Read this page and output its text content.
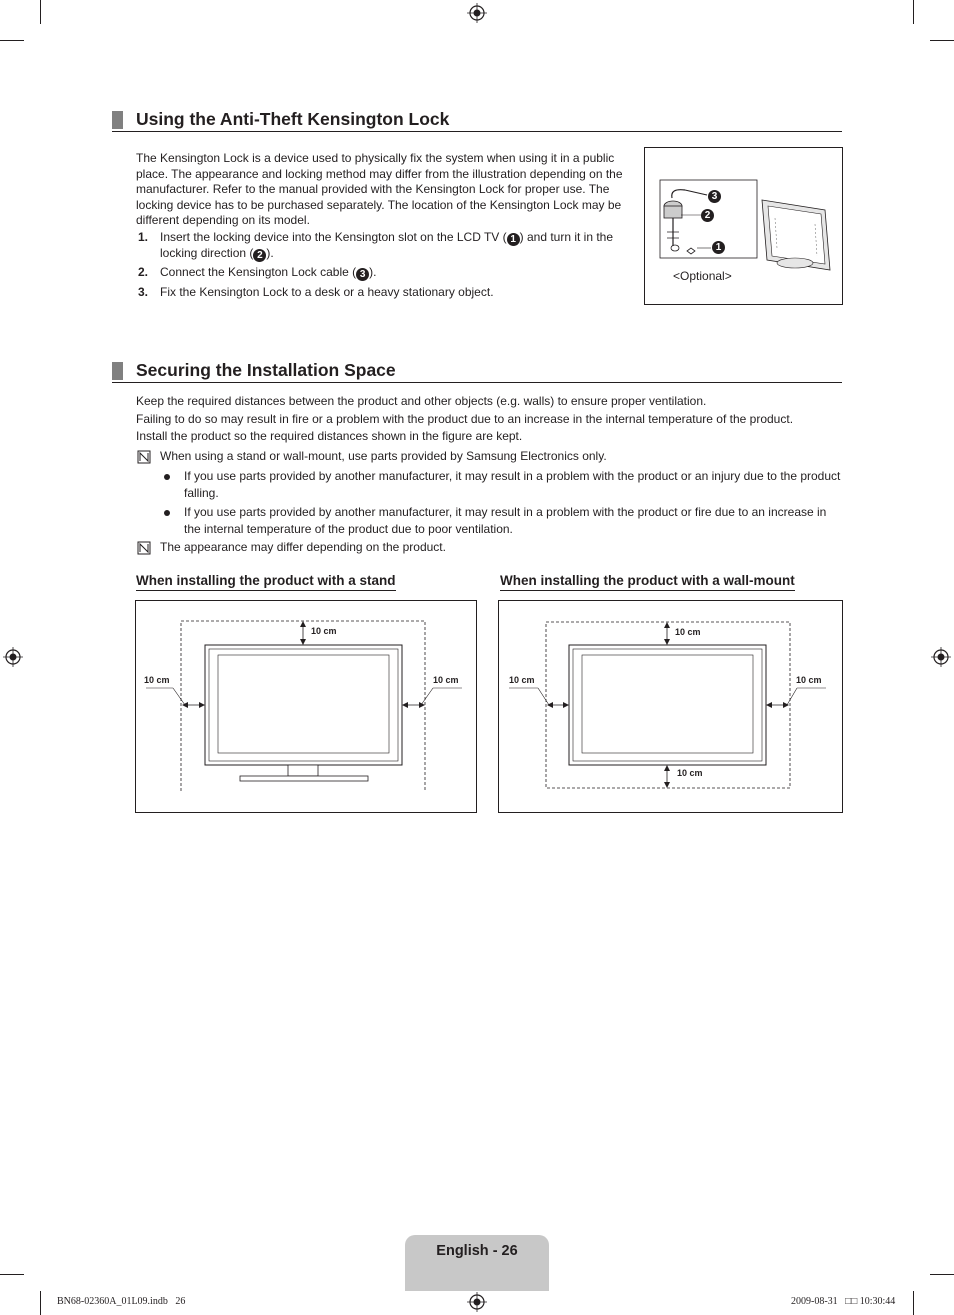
Using the Anti-Theft Kensington Lock
The Kensington Lock is a device used to physically fix the system when using it in a public place. The appearance and locking method may differ from the illustration depending on the manufacturer. Refer to the manual provided with the Kensington Lock for proper use. The locking device has to be purchased separately. The location of the Kensington Lock may be different depending on its model.
1. Insert the locking device into the Kensington slot on the LCD TV ( 1 ) and turn it in the locking direction ( 2 ).
2. Connect the Kensington Lock cable ( 3 ).
3. Fix the Kensington Lock to a desk or a heavy stationary object.
3
2
1
<Optional>
Securing the Installation Space
Keep the required distances between the product and other objects (e.g. walls) to ensure proper ventilation.
Failing to do so may result in fire or a problem with the product due to an increase in the internal temperature of the product.
Install the product so the required distances shown in the figure are kept.
When using a stand or wall-mount, use parts provided by Samsung Electronics only.
If you use parts provided by another manufacturer, it may result in a problem with the product or an injury due to the product falling.
If you use parts provided by another manufacturer, it may result in a problem with the product or fire due to an increase in the internal temperature of the product due to poor ventilation.
The appearance may differ depending on the product.
When installing the product with a stand	When installing the product with a wall-mount
10 cm
10 cm	10 cm
10 cm
10 cm	10 cm
10 cm
English - 26
BN68-02360A_01L09.indb   26	2009-08-31   □□ 10:30:44
